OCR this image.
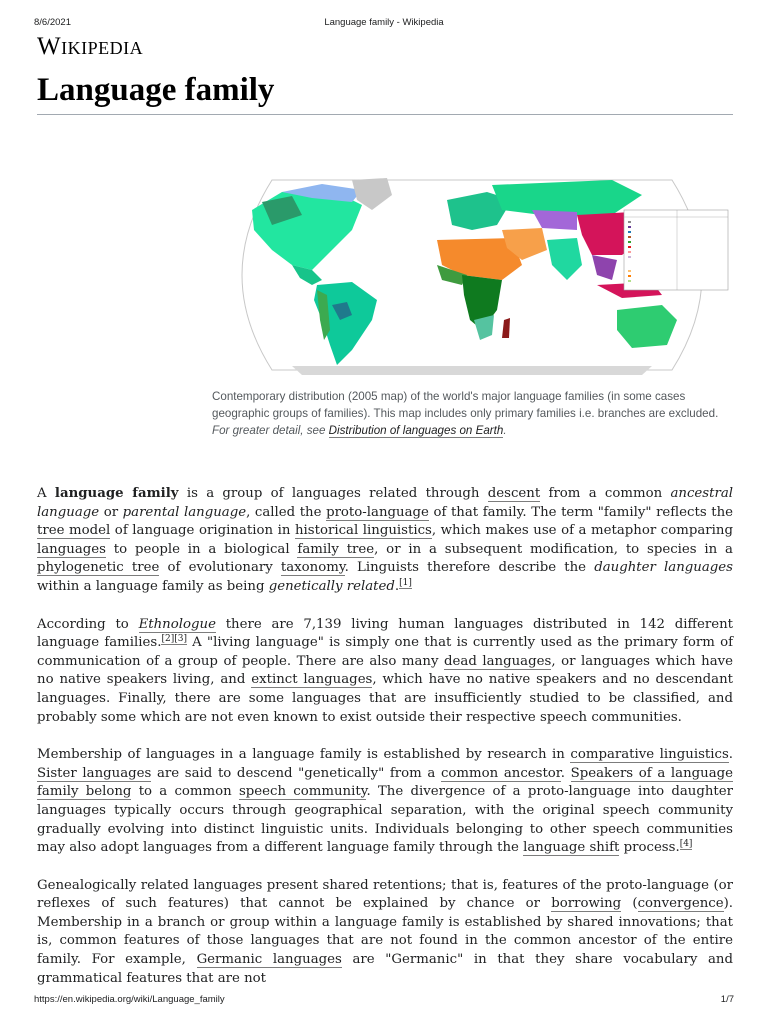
8/6/2021	Language family - Wikipedia
Wikipedia
Language family
Contemporary distribution (2005 map) of the world's major language families (in some cases geographic groups of families). This map includes only primary families i.e. branches are excluded.
For greater detail, see Distribution of languages on Earth.

A language family is a group of languages related through descent from a common ancestral language or parental language, called the proto-language of that family. The term "family" reflects the tree model of language origination in historical linguistics, which makes use of a metaphor comparing languages to people in a biological family tree, or in a subsequent modification, to species in a phylogenetic tree of evolutionary taxonomy. Linguists therefore describe the daughter languages within a language family as being genetically related.[1]

According to Ethnologue there are 7,139 living human languages distributed in 142 different language families.[2][3] A "living language" is simply one that is currently used as the primary form of communication of a group of people. There are also many dead languages, or languages which have no native speakers living, and extinct languages, which have no native speakers and no descendant languages. Finally, there are some languages that are insufficiently studied to be classified, and probably some which are not even known to exist outside their respective speech communities.

Membership of languages in a language family is established by research in comparative linguistics. Sister languages are said to descend "genetically" from a common ancestor. Speakers of a language family belong to a common speech community. The divergence of a proto-language into daughter languages typically occurs through geographical separation, with the original speech community gradually evolving into distinct linguistic units. Individuals belonging to other speech communities may also adopt languages from a different language family through the language shift process.[4]

Genealogically related languages present shared retentions; that is, features of the proto-language (or reflexes of such features) that cannot be explained by chance or borrowing (convergence). Membership in a branch or group within a language family is established by shared innovations; that is, common features of those languages that are not found in the common ancestor of the entire family. For example, Germanic languages are "Germanic" in that they share vocabulary and grammatical features that are not

https://en.wikipedia.org/wiki/Language_family	1/7
